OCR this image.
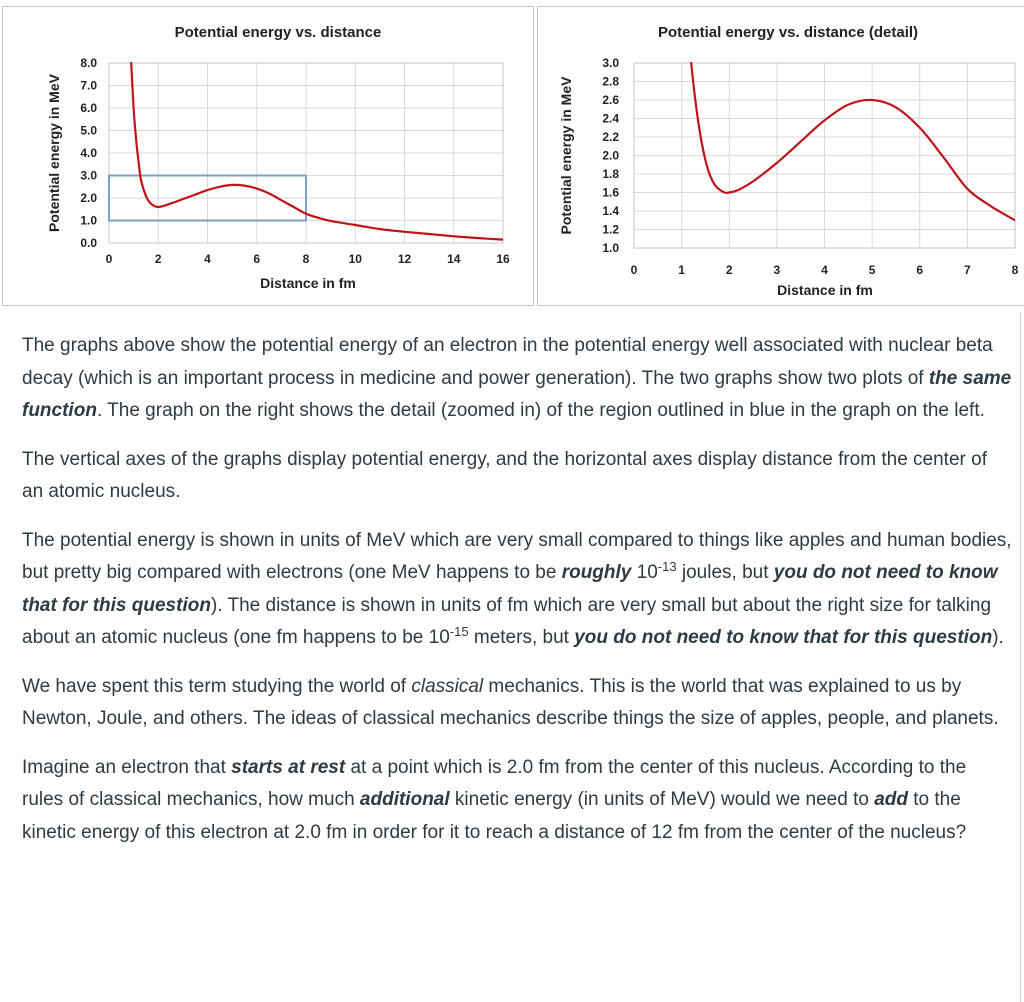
Potential energy vs. distance
0.0
1.0
2.0
3.0
4.0
5.0
6.0
7.0
8.0
0	2	4	6	8	10	12	14	16
Distance in fm
Potential energy in MeV
Potential energy vs. distance (detail)
1.0
1.2
1.4
1.6
1.8
2.0
2.2
2.4
2.6
2.8
3.0
0	1	2	3	4	5	6	7	8
Distance in fm
Potential energy in MeV

The graphs above show the potential energy of an electron in the potential energy well associated with nuclear beta decay (which is an important process in medicine and power generation). The two graphs show two plots of the same function. The graph on the right shows the detail (zoomed in) of the region outlined in blue in the graph on the left.

The vertical axes of the graphs display potential energy, and the horizontal axes display distance from the center of an atomic nucleus.

The potential energy is shown in units of MeV which are very small compared to things like apples and human bodies, but pretty big compared with electrons (one MeV happens to be roughly $10^{-13}$ joules, but you do not need to know that for this question). The distance is shown in units of fm which are very small but about the right size for talking about an atomic nucleus (one fm happens to be $10^{-15}$ meters, but you do not need to know that for this question).

We have spent this term studying the world of classical mechanics. This is the world that was explained to us by Newton, Joule, and others. The ideas of classical mechanics describe things the size of apples, people, and planets.

Imagine an electron that starts at rest at a point which is 2.0 fm from the center of this nucleus. According to the rules of classical mechanics, how much additional kinetic energy (in units of MeV) would we need to add to the kinetic energy of this electron at 2.0 fm in order for it to reach a distance of 12 fm from the center of the nucleus?
